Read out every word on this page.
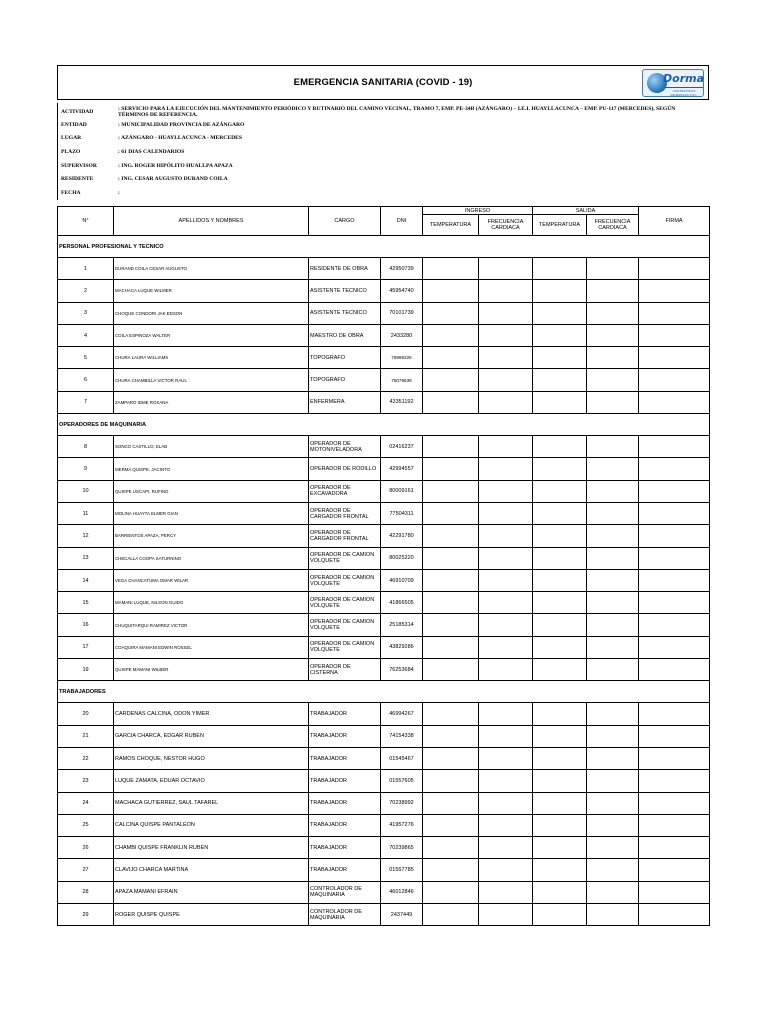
EMERGENCIA SANITARIA (COVID - 19)	Dorma
CONTRATISTAS GENERALES S.R.L.
ACTIVIDAD	: SERVICIO PARA LA EJECUCIÓN DEL MANTENIMIENTO PERIÓDICO Y RUTINARIO DEL CAMINO VECINAL, TRAMO 7, EMP. PE-34B (AZÁNGARO) – I.E.I. HUAYLLACUNCA – EMP. PU-117 (MERCEDES), SEGÚN TÉRMINOS DE REFERENCIA.
ENTIDAD	: MUNICIPALIDAD PROVINCIA DE AZÁNGARO
LUGAR	: AZÁNGARO - HUAYLLACUNCA - MERCEDES
PLAZO	: 61 DIAS CALENDARIOS
SUPERVISOR	: ING. ROGER HIPÓLITO HUALLPA APAZA
RESIDENTE	: ING. CESAR AUGUSTO DURAND COILA
FECHA	:
N°	APELLIDOS Y NOMBRES	CARGO	DNI	INGRESO		SALIDA		FIRMA
				TEMPERATURA	FRECUENCIA CARDIACA	TEMPERATURA	FRECUENCIA CARDIACA	
PERSONAL PROFESIONAL Y TECNICO								
1	DURAND COILA CESAR AUGUSTO	RESIDENTE DE OBRA	42950739					
2	MACHACA LUQUE WILMER	ASISTENTE TECNICO	45954740					
3	CHOQUE CONDORI JAK EDSON	ASISTENTE TECNICO	70101739					
4	COILA ESPINOZA WALTER	MAESTRO DE OBRA	2433280					
5	CHURA LAURA WILLIAMS	TOPOGRAFO	75998326					
6	CHURA CHAMBILLA VICTOR RAUL	TOPOGRAFO	75079639					
7	ZAMPARO IDME ROXANA	ENFERMERA	43351192					
OPERADORES DE MAQUINARIA								
8	SONCO CASTILLO, ELAB	OPERADOR DE MOTONIVELADORA	02416237					
9	MERMA QUISPE, JACINTO	OPERADOR DE RODILLO	42994557					
10	QUISPE USCAPI, RUFINO	OPERADOR DE EXCAVADORA	80009161					
11	MOLINA HUAYTA ELMER GIAN	OPERADOR DE CARGADOR FRONTAL	77504311					
12	BARRIENTOS APAZA, PERCY	OPERADOR DE CARGADOR FRONTAL	42291780					
13	CHECALLA COOPA SATURNINO	OPERADOR DE CAMION VOLQUETE	80025220					
14	VEGA CHANCATUMA OMAR WILAR	OPERADOR DE CAMION VOLQUETE	46910709					
15	MAMANI LUQUE, NILSON GUIDO	OPERADOR DE CAMION VOLQUETE	41866505					
16	CHUQUITARQUI RAMIREZ VICTOR	OPERADOR DE CAMION VOLQUETE	25185314					
17	COAQUIRA MAMANI EDWIN ROSSEL	OPERADOR DE CAMION VOLQUETE	43829286					
19	QUISPE MAMANI WILBER	OPERADOR DE CISTERNA	76253684					
TRABAJADORES								
20	CARDENAS CALCINA, ODON YIMER	TRABAJADOR	46994267					
21	GARCIA CHARCA, EDGAR RUBEN	TRABAJADOR	74154338					
22	RAMOS CHOQUE, NESTOR HUGO	TRABAJADOR	01545467					
23	LUQUE ZAMATA, EDUAR OCTAVIO	TRABAJADOR	01557605					
24	MACHACA GUTIERREZ, SAUL TAFAREL	TRABAJADOR	70238992					
25	CALCINA QUISPE PANTALEON	TRABAJADOR	41957276					
26	CHAMBI QUISPE FRANKLIN RUBEN	TRABAJADOR	70239865					
27	CLAVIJO CHARCA MARTINA	TRABAJADOR	01557785					
28	APAZA MAMANI EFRAIN	CONTROLADOR DE MAQUINARIA	46012846					
29	ROGER QUISPE QUISPE	CONTROLADOR DE MAQUINARIA	2437449					
